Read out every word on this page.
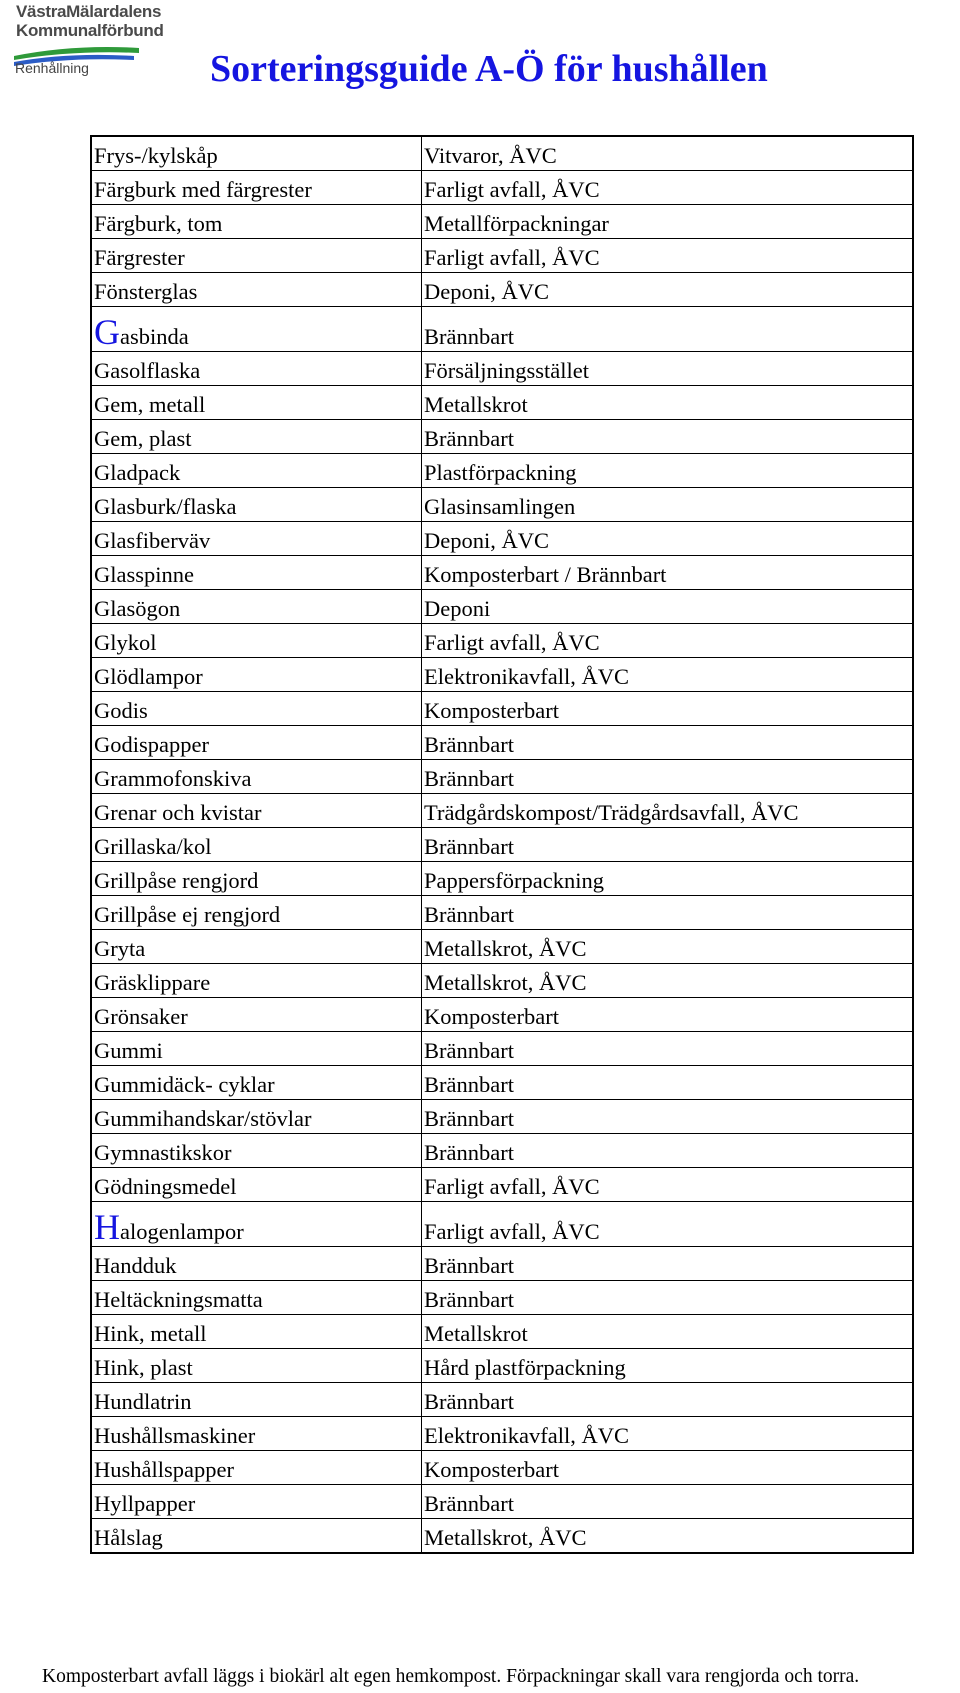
VästraMälardalens
Kommunalförbund
Renhållning	Sorteringsguide A-Ö för hushållen
Frys-/kylskåp	Vitvaror, ÅVC
Färgburk med färgrester	Farligt avfall, ÅVC
Färgburk, tom	Metallförpackningar
Färgrester	Farligt avfall, ÅVC
Fönsterglas	Deponi, ÅVC
Gasbinda	Brännbart
Gasolflaska	Försäljningsstället
Gem, metall	Metallskrot
Gem, plast	Brännbart
Gladpack	Plastförpackning
Glasburk/flaska	Glasinsamlingen
Glasfiberväv	Deponi, ÅVC
Glasspinne	Komposterbart / Brännbart
Glasögon	Deponi
Glykol	Farligt avfall, ÅVC
Glödlampor	Elektronikavfall, ÅVC
Godis	Komposterbart
Godispapper	Brännbart
Grammofonskiva	Brännbart
Grenar och kvistar	Trädgårdskompost/Trädgårdsavfall, ÅVC
Grillaska/kol	Brännbart
Grillpåse rengjord	Pappersförpackning
Grillpåse ej rengjord	Brännbart
Gryta	Metallskrot, ÅVC
Gräsklippare	Metallskrot, ÅVC
Grönsaker	Komposterbart
Gummi	Brännbart
Gummidäck- cyklar	Brännbart
Gummihandskar/stövlar	Brännbart
Gymnastikskor	Brännbart
Gödningsmedel	Farligt avfall, ÅVC
Halogenlampor	Farligt avfall, ÅVC
Handduk	Brännbart
Heltäckningsmatta	Brännbart
Hink, metall	Metallskrot
Hink, plast	Hård plastförpackning
Hundlatrin	Brännbart
Hushållsmaskiner	Elektronikavfall, ÅVC
Hushållspapper	Komposterbart
Hyllpapper	Brännbart
Hålslag	Metallskrot, ÅVC
Komposterbart avfall läggs i biokärl alt egen hemkompost. Förpackningar skall vara rengjorda och torra.
